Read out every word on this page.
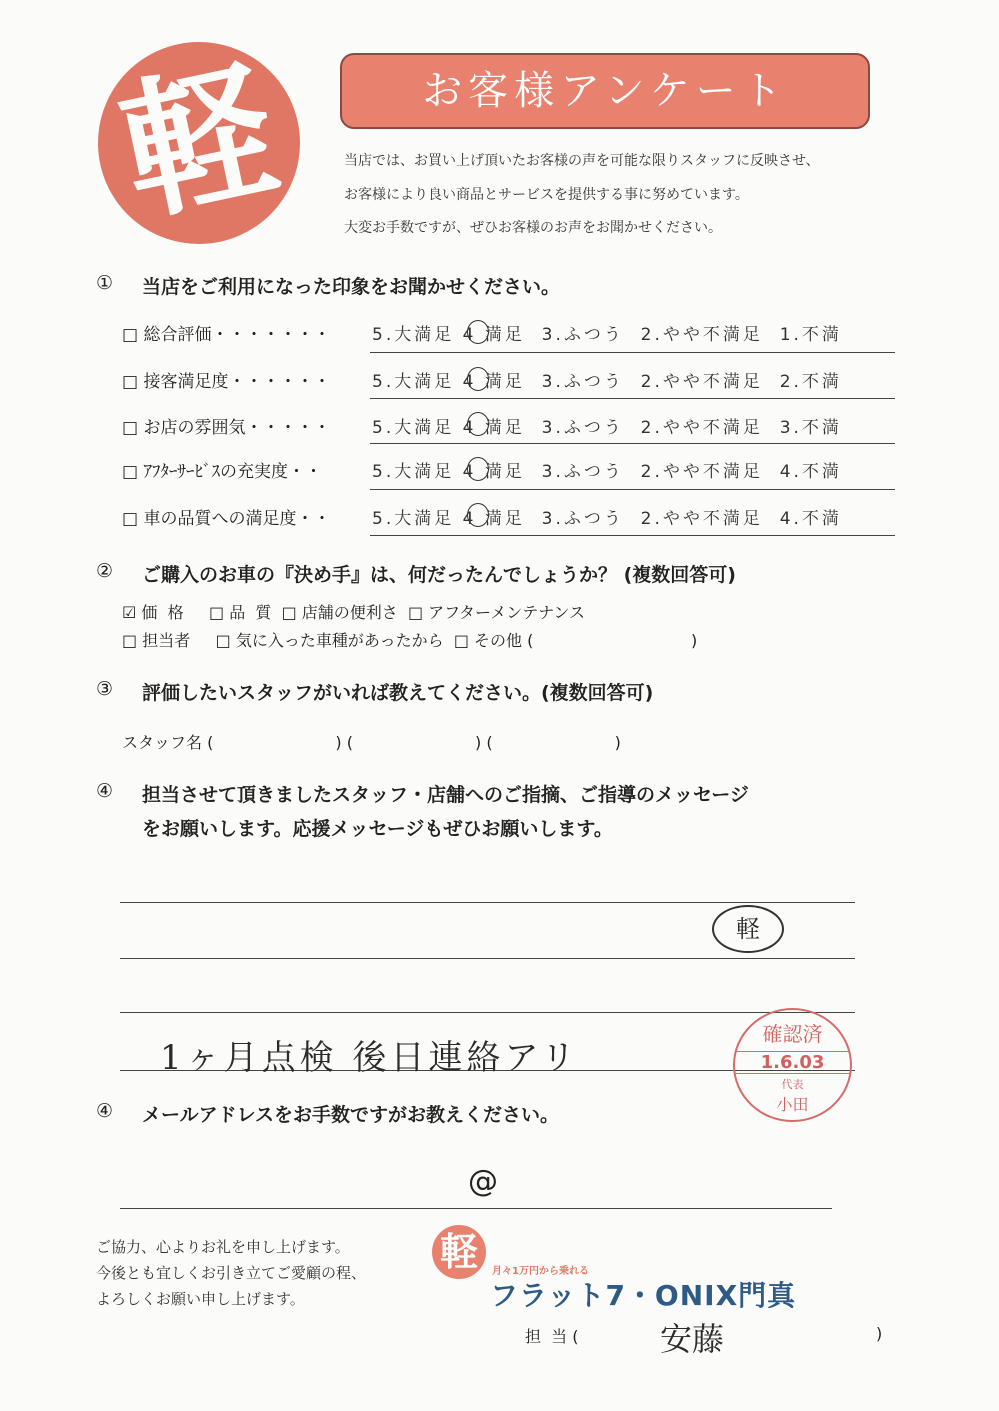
軽	お客様アンケート
当店では、お買い上げ頂いたお客様の声を可能な限りスタッフに反映させ、
お客様により良い商品とサービスを提供する事に努めています。
大変お手数ですが、ぜひお客様のお声をお聞かせください。
① 当店をご利用になった印象をお聞かせください。
□ 総合評価・・・・・・・ 5.大満足 4 満足  3.ふつう  2.やや不満足  1.不満
□ 接客満足度・・・・・・ 5.大満足 4 満足  3.ふつう  2.やや不満足  2.不満
□ お店の雰囲気・・・・・ 5.大満足 4 満足  3.ふつう  2.やや不満足  3.不満
□ ｱﾌﾀｰｻｰﾋﾞｽの充実度・・	5.大満足 4 満足  3.ふつう  2.やや不満足  4.不満
□ 車の品質への満足度・・ 5.大満足 4 満足  3.ふつう  2.やや不満足  4.不満
② ご購入のお車の『決め手』は、何だったんでしょうか？ (複数回答可)
☑ 価  格     □ 品  質  □ 店舗の便利さ  □ アフターメンテナンス
□ 担当者     □ 気に入った車種があったから  □ その他 (                               )
③ 評価したいスタッフがいれば教えてください。(複数回答可)
スタッフ名 (                        ) (                        ) (                        )
④ 担当させて頂きましたスタッフ・店舗へのご指摘、ご指導のメッセージ
をお願いします。応援メッセージもぜひお願いします。
軽
1ヶ月点検 後日連絡アリ
確認済
1.6.03
代表
小田
④ メールアドレスをお手数ですがお教えください。
@
ご協力、心よりお礼を申し上げます。
今後とも宜しくお引き立てご愛顧の程、
よろしくお願い申し上げます。
軽	月々1万円から乗れる
フラット7・ONIX門真
担  当 (	安藤	)
